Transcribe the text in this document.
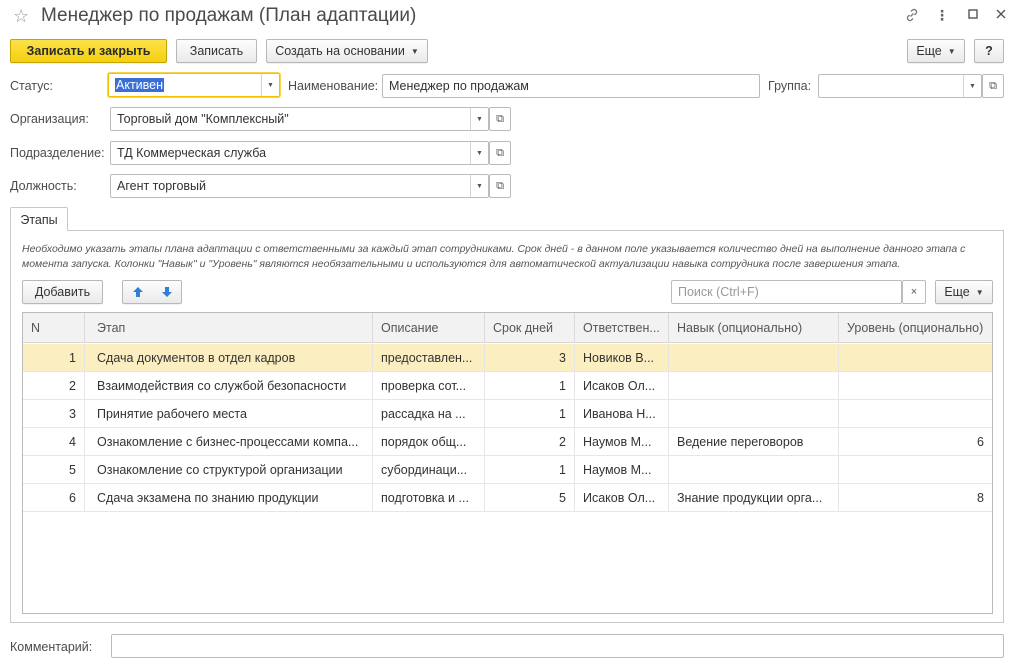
☆ Менеджер по продажам (План адаптации)	⋮
Записать и закрыть	Записать	Создать на основании ▼	Еще ▼	?
Статус:	Активен	▼	Наименование: Менеджер по продажам	Группа:	▼	⧉
Организация: Торговый дом "Комплексный"	▼	⧉
Подразделение: ТД Коммерческая служба	▼	⧉
Должность:	Агент торговый	▼	⧉
Этапы
Необходимо указать этапы плана адаптации с ответственными за каждый этап сотрудниками. Срок дней - в данном поле указывается количество дней на выполнение данного этапа с момента запуска. Колонки "Навык" и "Уровень" являются необязательными и используются для автоматической актуализации навыка сотрудника после завершения этапа.
Добавить	Поиск (Ctrl+F)	×	Еще ▼
N	Этап	Описание	Срок дней	Ответствен...	Навык (опционально)	Уровень (опционально)
1	Сдача документов в отдел кадров	предоставлен...	3	Новиков В...
2	Взаимодействия со службой безопасности	проверка сот...	1	Исаков Ол...
3	Принятие рабочего места	рассадка на ...	1	Иванова Н...
4	Ознакомление с бизнес-процессами компа...	порядок общ...	2	Наумов М...	Ведение переговоров	6
5	Ознакомление со структурой организации	субординаци...	1	Наумов М...
6	Сдача экзамена по знанию продукции	подготовка и ...	5	Исаков Ол...	Знание продукции орга...	8
Комментарий:
